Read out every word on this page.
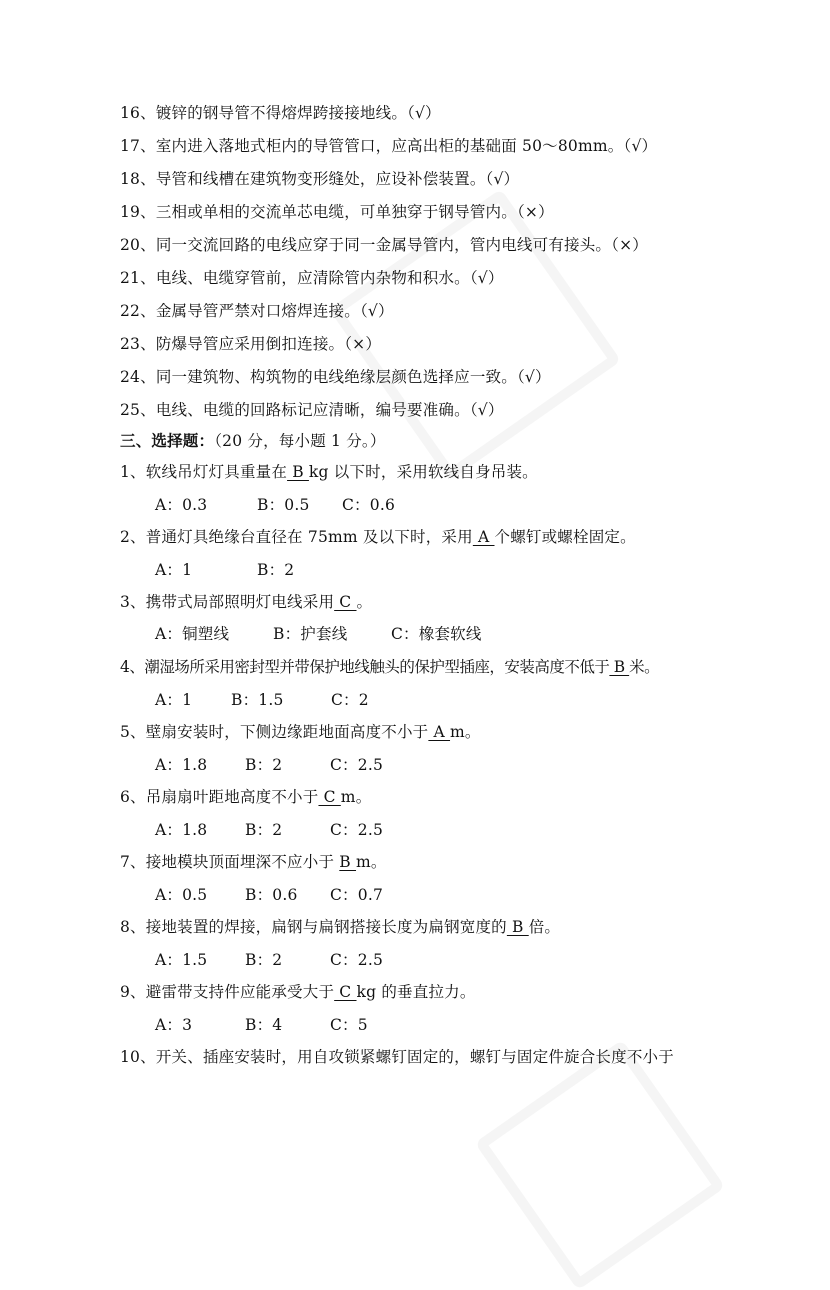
16、镀锌的钢导管不得熔焊跨接接地线。（√）
17、室内进入落地式柜内的导管管口，应高出柜的基础面 50～80mm。（√）
18、导管和线槽在建筑物变形缝处，应设补偿装置。（√）
19、三相或单相的交流单芯电缆，可单独穿于钢导管内。（×）
20、同一交流回路的电线应穿于同一金属导管内，管内电线可有接头。（×）
21、电线、电缆穿管前，应清除管内杂物和积水。（√）
22、金属导管严禁对口熔焊连接。（√）
23、防爆导管应采用倒扣连接。（×）
24、同一建筑物、构筑物的电线绝缘层颜色选择应一致。（√）
25、电线、电缆的回路标记应清晰，编号要准确。（√）
三、选择题：（20 分，每小题 1 分。）
1、软线吊灯灯具重量在 B kg 以下时，采用软线自身吊装。
A：0.3	B：0.5 C：0.6
2、普通灯具绝缘台直径在 75mm 及以下时，采用 A 个螺钉或螺栓固定。
A：1	B：2
3、携带式局部照明灯电线采用 C 。
A：铜塑线	B：护套线	C：橡套软线
4、潮湿场所采用密封型并带保护地线触头的保护型插座，安装高度不低于 B 米。
A：1	B：1.5	C：2
5、壁扇安装时，下侧边缘距地面高度不小于 A m。
A：1.8 B：2	C：2.5
6、吊扇扇叶距地高度不小于 C m。
A：1.8 B：2	C：2.5
7、接地模块顶面埋深不应小于 B m。
A：0.5 B：0.6 C：0.7
8、接地装置的焊接，扁钢与扁钢搭接长度为扁钢宽度的 B 倍。
A：1.5 B：2	C：2.5
9、避雷带支持件应能承受大于 C kg 的垂直拉力。
A：3	B：4	C：5
10、开关、插座安装时，用自攻锁紧螺钉固定的，螺钉与固定件旋合长度不小于
